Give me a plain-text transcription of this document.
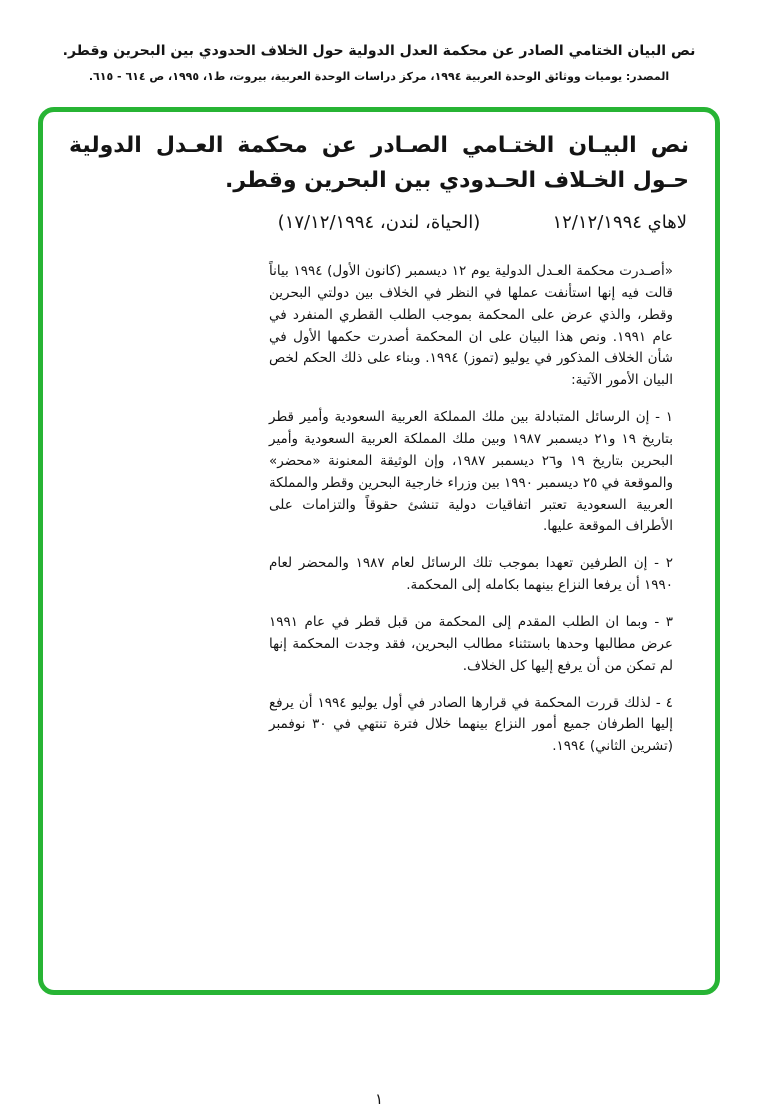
نص البيان الختامي الصادر عن محكمة العدل الدولية حول الخلاف الحدودي بين البحرين وقطر.
المصدر: يوميات ووثائق الوحدة العربية ١٩٩٤، مركز دراسات الوحدة العربية، بيروت، ط١، ١٩٩٥، ص ٦١٤ - ٦١٥.
نص البيـان الختـامي الصـادر عن محكمة العـدل الدولية حـول الخـلاف الحـدودي بين البحرين وقطر.
لاهاي ١٢/١٢/١٩٩٤
(الحياة، لندن، ١٧/١٢/١٩٩٤)

«أصـدرت محكمة العـدل الدولية يوم ١٢ ديسمبر (كانون الأول) ١٩٩٤ بياناً قالت فيه إنها استأنفت عملها في النظر في الخلاف بين دولتي البحرين وقطر، والذي عرض على المحكمة بموجب الطلب القطري المنفرد في عام ١٩٩١. ونص هذا البيان على ان المحكمة أصدرت حكمها الأول في شأن الخلاف المذكور في يوليو (تموز) ١٩٩٤. وبناء على ذلك الحكم لخص البيان الأمور الآتية:

١ - إن الرسائل المتبادلة بين ملك المملكة العربية السعودية وأمير قطر بتاريخ ١٩ و٢١ ديسمبر ١٩٨٧ وبين ملك المملكة العربية السعودية وأمير البحرين بتاريخ ١٩ و٢٦ ديسمبر ١٩٨٧، وإن الوثيقة المعنونة «محضر» والموقعة في ٢٥ ديسمبر ١٩٩٠ بين وزراء خارجية البحرين وقطر والمملكة العربية السعودية تعتبر اتفاقيات دولية تنشئ حقوقاً والتزامات على الأطراف الموقعة عليها.

٢ - إن الطرفين تعهدا بموجب تلك الرسائل لعام ١٩٨٧ والمحضر لعام ١٩٩٠ أن يرفعا النزاع بينهما بكامله إلى المحكمة.

٣ - وبما ان الطلب المقدم إلى المحكمة من قبل قطر في عام ١٩٩١ عرض مطالبها وحدها باستثناء مطالب البحرين، فقد وجدت المحكمة إنها لم تمكن من أن يرفع إليها كل الخلاف.

٤ - لذلك قررت المحكمة في قرارها الصادر في أول يوليو ١٩٩٤ أن يرفع إليها الطرفان جميع أمور النزاع بينهما خلال فترة تنتهي في ٣٠ نوفمبر (تشرين الثاني) ١٩٩٤.

١
